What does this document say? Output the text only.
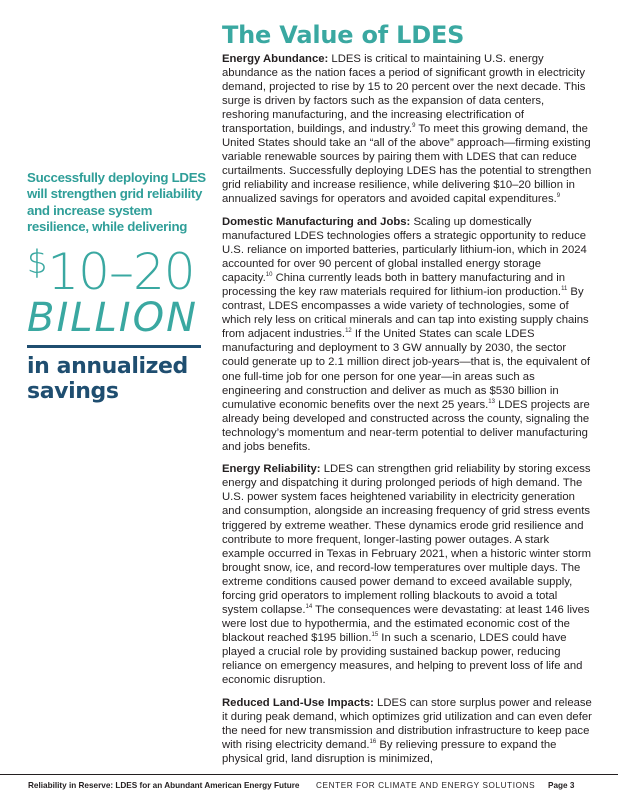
The Value of LDES
Successfully deploying LDES will strengthen grid reliability and increase system resilience, while delivering
$10–20
BILLION
in annualized savings

Energy Abundance: LDES is critical to maintaining U.S. energy abundance as the nation faces a period of significant growth in electricity demand, projected to rise by 15 to 20 percent over the next decade. This surge is driven by factors such as the expansion of data centers, reshoring manufacturing, and the increasing electrification of transportation, buildings, and industry.$^9$ To meet this growing demand, the United States should take an “all of the above” approach—firming existing variable renewable sources by pairing them with LDES that can reduce curtailments. Successfully deploying LDES has the potential to strengthen grid reliability and increase resilience, while delivering $10–20 billion in annualized savings for operators and avoided capital expenditures.$^9$

Domestic Manufacturing and Jobs: Scaling up domestically manufactured LDES technologies offers a strategic opportunity to reduce U.S. reliance on imported batteries, particularly lithium-ion, which in 2024 accounted for over 90 percent of global installed energy storage capacity.$^{10}$ China currently leads both in battery manufacturing and in processing the key raw materials required for lithium-ion production.$^{11}$ By contrast, LDES encompasses a wide variety of technologies, some of which rely less on critical minerals and can tap into existing supply chains from adjacent industries.$^{12}$ If the United States can scale LDES manufacturing and deployment to 3 GW annually by 2030, the sector could generate up to 2.1 million direct job-years—that is, the equivalent of one full-time job for one person for one year—in areas such as engineering and construction and deliver as much as $530 billion in cumulative economic benefits over the next 25 years.$^{13}$ LDES projects are already being developed and constructed across the county, signaling the technology’s momentum and near-term potential to deliver manufacturing and jobs benefits.

Energy Reliability: LDES can strengthen grid reliability by storing excess energy and dispatching it during prolonged periods of high demand. The U.S. power system faces heightened variability in electricity generation and consumption, alongside an increasing frequency of grid stress events triggered by extreme weather. These dynamics erode grid resilience and contribute to more frequent, longer-lasting power outages. A stark example occurred in Texas in February 2021, when a historic winter storm brought snow, ice, and record-low temperatures over multiple days. The extreme conditions caused power demand to exceed available supply, forcing grid operators to implement rolling blackouts to avoid a total system collapse.$^{14}$ The consequences were devastating: at least 146 lives were lost due to hypothermia, and the estimated economic cost of the blackout reached $195 billion.$^{15}$ In such a scenario, LDES could have played a crucial role by providing sustained backup power, reducing reliance on emergency measures, and helping to prevent loss of life and economic disruption.

Reduced Land-Use Impacts: LDES can store surplus power and release it during peak demand, which optimizes grid utilization and can even defer the need for new transmission and distribution infrastructure to keep pace with rising electricity demand.$^{16}$ By relieving pressure to expand the physical grid, land disruption is minimized,

Reliability in Reserve: LDES for an Abundant American Energy Future CENTER FOR CLIMATE AND ENERGY SOLUTIONS Page 3
